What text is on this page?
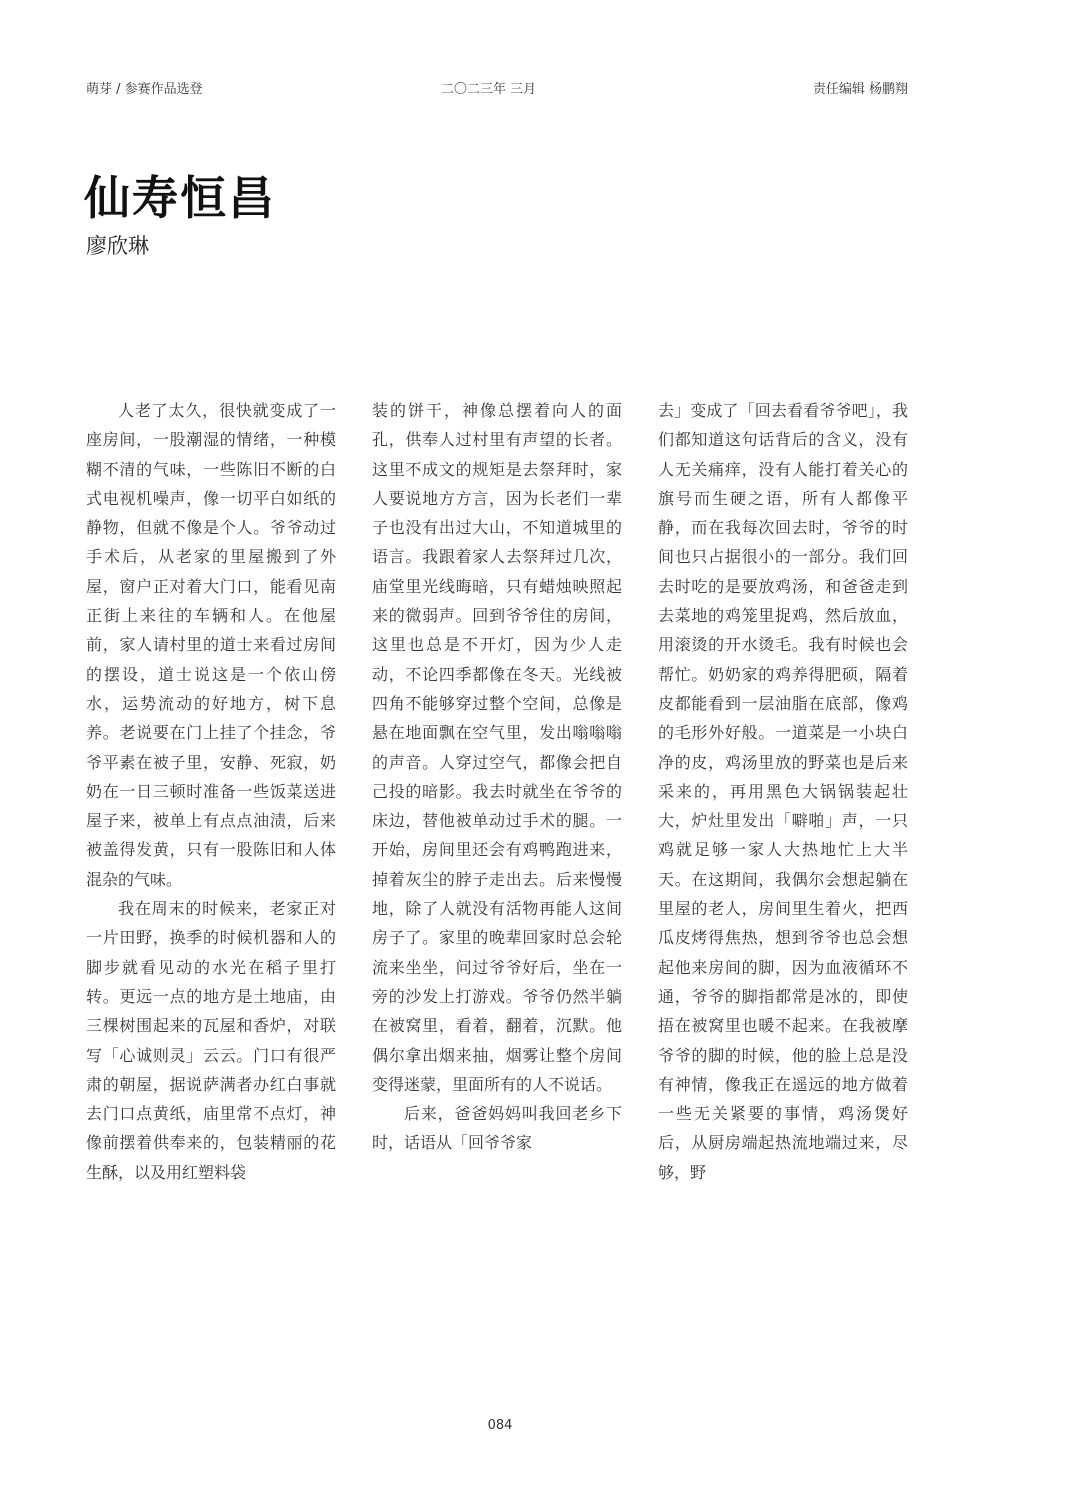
萌芽 / 参赛作品选登	二〇二三年 三月	责任编辑 杨鹏翔
仙寿恒昌
廖欣琳

人老了太久，很快就变成了一座房间，一股潮湿的情绪，一种模糊不清的气味，一些陈旧不断的白式电视机噪声，像一切平白如纸的静物，但就不像是个人。爷爷动过手术后，从老家的里屋搬到了外屋，窗户正对着大门口，能看见南正街上来往的车辆和人。在他屋前，家人请村里的道士来看过房间的摆设，道士说这是一个依山傍水，运势流动的好地方，树下息养。老说要在门上挂了个挂念，爷爷平素在被子里，安静、死寂，奶奶在一日三顿时准备一些饭菜送进屋子来，被单上有点点油渍，后来被盖得发黄，只有一股陈旧和人体混杂的气味。

我在周末的时候来，老家正对一片田野，换季的时候机器和人的脚步就看见动的水光在稻子里打转。更远一点的地方是土地庙，由三棵树围起来的瓦屋和香炉，对联写「心诚则灵」云云。门口有很严肃的朝屋，据说萨满者办红白事就去门口点黄纸，庙里常不点灯，神像前摆着供奉来的，包装精丽的花生酥，以及用红塑料袋

装的饼干，神像总摆着向人的面孔，供奉人过村里有声望的长者。这里不成文的规矩是去祭拜时，家人要说地方方言，因为长老们一辈子也没有出过大山，不知道城里的语言。我跟着家人去祭拜过几次，庙堂里光线晦暗，只有蜡烛映照起来的微弱声。回到爷爷住的房间，这里也总是不开灯，因为少人走动，不论四季都像在冬天。光线被四角不能够穿过整个空间，总像是悬在地面飘在空气里，发出嗡嗡嗡的声音。人穿过空气，都像会把自己投的暗影。我去时就坐在爷爷的床边，替他被单动过手术的腿。一开始，房间里还会有鸡鸭跑进来，掉着灰尘的脖子走出去。后来慢慢地，除了人就没有活物再能人这间房子了。家里的晚辈回家时总会轮流来坐坐，问过爷爷好后，坐在一旁的沙发上打游戏。爷爷仍然半躺在被窝里，看着，翻着，沉默。他偶尔拿出烟来抽，烟雾让整个房间变得迷蒙，里面所有的人不说话。

后来，爸爸妈妈叫我回老乡下时，话语从「回爷爷家

去」变成了「回去看看爷爷吧」，我们都知道这句话背后的含义，没有人无关痛痒，没有人能打着关心的旗号而生硬之语，所有人都像平静，而在我每次回去时，爷爷的时间也只占据很小的一部分。我们回去时吃的是要放鸡汤，和爸爸走到去菜地的鸡笼里捉鸡，然后放血，用滚烫的开水烫毛。我有时候也会帮忙。奶奶家的鸡养得肥硕，隔着皮都能看到一层油脂在底部，像鸡的毛形外好般。一道菜是一小块白净的皮，鸡汤里放的野菜也是后来采来的，再用黑色大锅锅装起壮大，炉灶里发出「噼啪」声，一只鸡就足够一家人大热地忙上大半天。在这期间，我偶尔会想起躺在里屋的老人，房间里生着火，把西瓜皮烤得焦热，想到爷爷也总会想起他来房间的脚，因为血液循环不通，爷爷的脚指都常是冰的，即使捂在被窝里也暖不起来。在我被摩爷爷的脚的时候，他的脸上总是没有神情，像我正在遥远的地方做着一些无关紧要的事情，鸡汤煲好后，从厨房端起热流地端过来，尽够，野

084
